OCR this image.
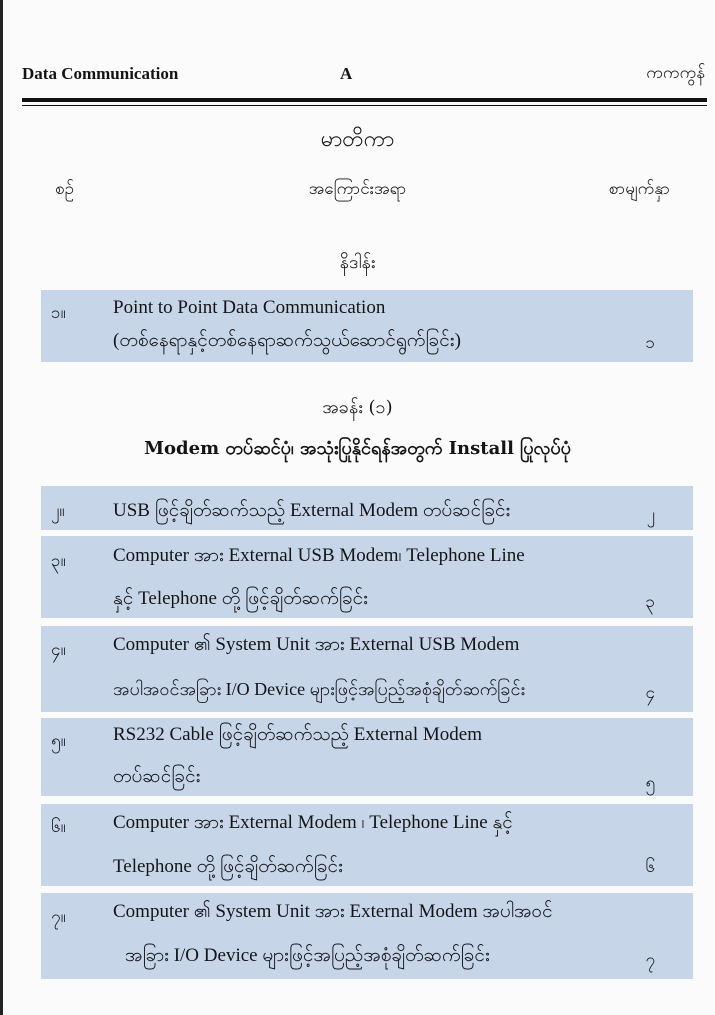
Data Communication	A	ကကကွန်
မာတိကာ
စဉ်	အကြောင်းအရာ	စာမျက်နှာ
နိဒါန်း
၁။ Point to Point Data Communication
(တစ်နေရာနှင့်တစ်နေရာဆက်သွယ်ဆောင်ရွက်ခြင်း)	၁
အခန်း (၁)
Modem တပ်ဆင်ပုံ၊ အသုံးပြုနိုင်ရန်အတွက် Install ပြုလုပ်ပုံ
၂။	USB ဖြင့်ချိတ်ဆက်သည့် External Modem တပ်ဆင်ခြင်း	၂
၃။ Computer အား External USB Modem၊ Telephone Line
နှင့် Telephone တို့ဖြင့်ချိတ်ဆက်ခြင်း	၃
၄။ Computer ၏ System Unit အား External USB Modem
အပါအဝင်အခြား I/O Device များဖြင့်အပြည့်အစုံချိတ်ဆက်ခြင်း	၄
၅။ RS232 Cable ဖြင့်ချိတ်ဆက်သည့် External Modem
တပ်ဆင်ခြင်း	၅
၆။ Computer အား External Modem ၊ Telephone Line နှင့်
Telephone တို့ဖြင့်ချိတ်ဆက်ခြင်း	၆
၇။ Computer ၏ System Unit အား External Modem အပါအဝင်
အခြား I/O Device များဖြင့်အပြည့်အစုံချိတ်ဆက်ခြင်း	၇
